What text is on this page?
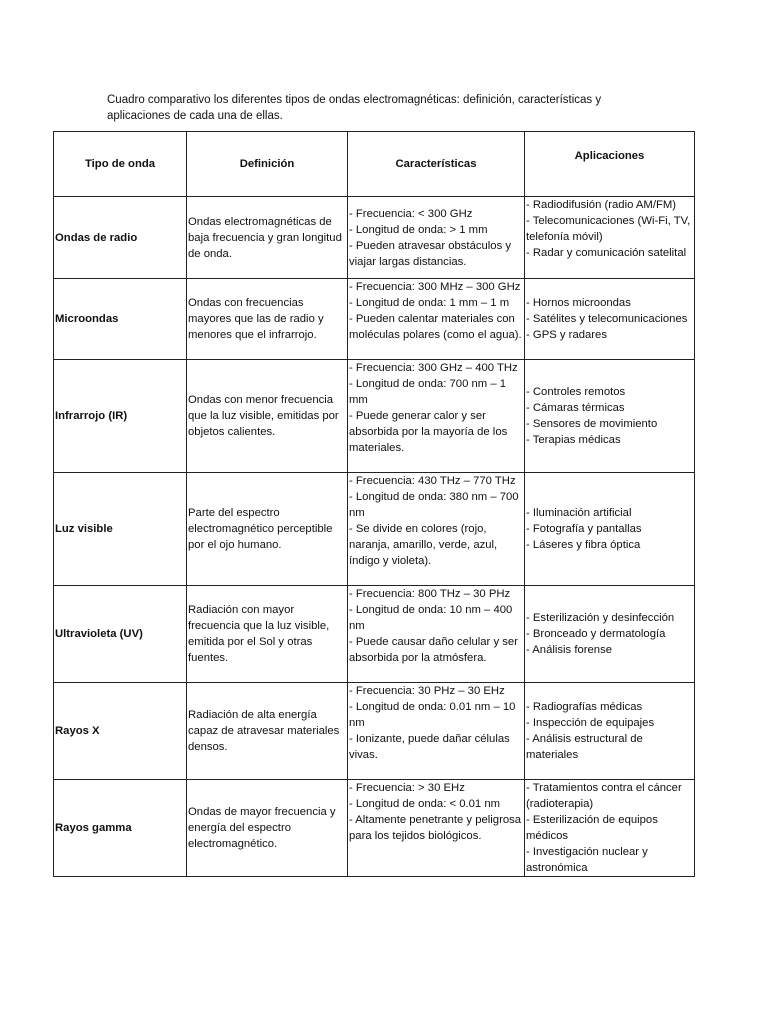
Cuadro comparativo los diferentes tipos de ondas electromagnéticas: definición, características y aplicaciones de cada una de ellas.
Tipo de onda	Definición	Características	Aplicaciones
Ondas de radio	Ondas electromagnéticas de baja frecuencia y gran longitud de onda.	- Frecuencia: < 300 GHz
- Longitud de onda: > 1 mm
- Pueden atravesar obstáculos y viajar largas distancias.	- Radiodifusión (radio AM/FM)
- Telecomunicaciones (Wi-Fi, TV, telefonía móvil)
- Radar y comunicación satelital

Microondas	Ondas con frecuencias mayores que las de radio y menores que el infrarrojo.	- Frecuencia: 300 MHz – 300 GHz
- Longitud de onda: 1 mm – 1 m
- Pueden calentar materiales con moléculas polares (como el agua).	- Hornos microondas
- Satélites y telecomunicaciones
- GPS y radares

Infrarrojo (IR)	Ondas con menor frecuencia que la luz visible, emitidas por objetos calientes.	- Frecuencia: 300 GHz – 400 THz
- Longitud de onda: 700 nm – 1 mm
- Puede generar calor y ser absorbida por la mayoría de los materiales.	- Controles remotos
- Cámaras térmicas
- Sensores de movimiento
- Terapias médicas

Luz visible	Parte del espectro electromagnético perceptible por el ojo humano.	- Frecuencia: 430 THz – 770 THz
- Longitud de onda: 380 nm – 700 nm
- Se divide en colores (rojo, naranja, amarillo, verde, azul, índigo y violeta).	- Iluminación artificial
- Fotografía y pantallas
- Láseres y fibra óptica

Ultravioleta (UV)	Radiación con mayor frecuencia que la luz visible, emitida por el Sol y otras fuentes.	- Frecuencia: 800 THz – 30 PHz
- Longitud de onda: 10 nm – 400 nm
- Puede causar daño celular y ser absorbida por la atmósfera.	- Esterilización y desinfección
- Bronceado y dermatología
- Análisis forense

Rayos X	Radiación de alta energía capaz de atravesar materiales densos.	- Frecuencia: 30 PHz – 30 EHz
- Longitud de onda: 0.01 nm – 10 nm
- Ionizante, puede dañar células vivas.	- Radiografías médicas
- Inspección de equipajes
- Análisis estructural de materiales

Rayos gamma	Ondas de mayor frecuencia y energía del espectro electromagnético.	- Frecuencia: > 30 EHz
- Longitud de onda: < 0.01 nm
- Altamente penetrante y peligrosa para los tejidos biológicos.	- Tratamientos contra el cáncer (radioterapia)
- Esterilización de equipos médicos
- Investigación nuclear y astronómica
